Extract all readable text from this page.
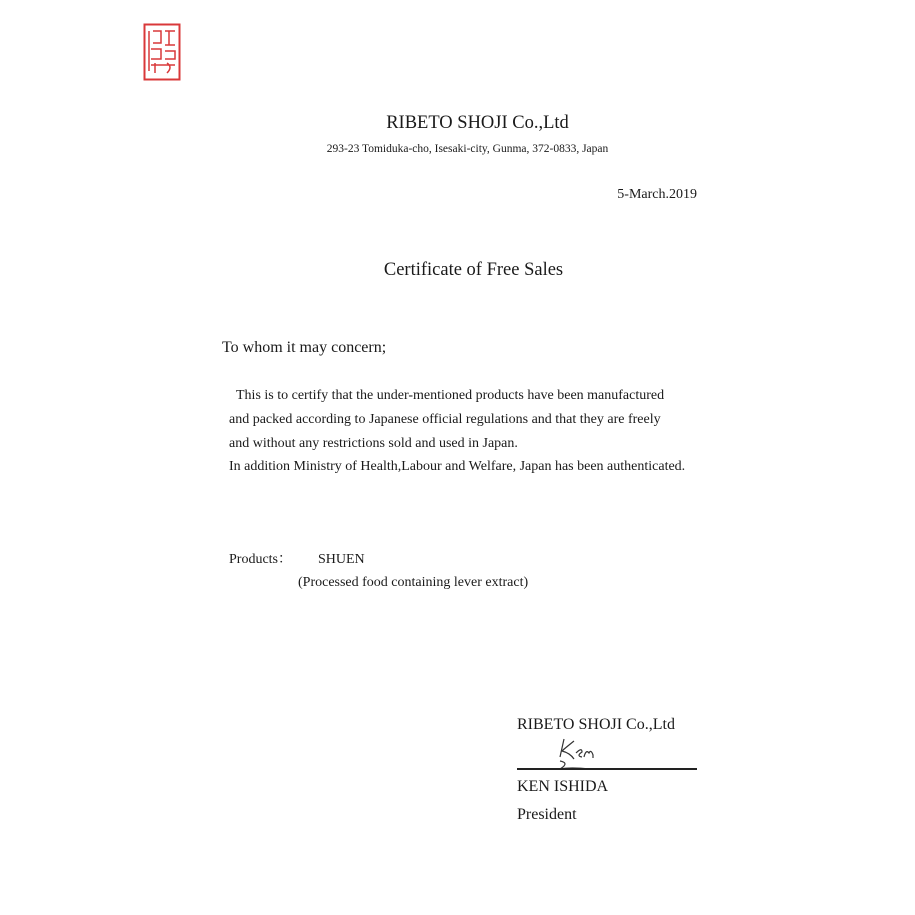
RIBETO SHOJI Co.,Ltd
293-23 Tomiduka-cho, Isesaki-city, Gunma, 372-0833, Japan
5-March.2019
Certificate of Free Sales
To whom it may concern;
This is to certify that the under-mentioned products have been manufactured
and packed according to Japanese official regulations and that they are freely
and without any restrictions sold and used in Japan.
In addition Ministry of Health,Labour and Welfare, Japan has been authenticated.
Products： SHUEN
(Processed food containing lever extract)
RIBETO SHOJI Co.,Ltd
KEN ISHIDA
President
